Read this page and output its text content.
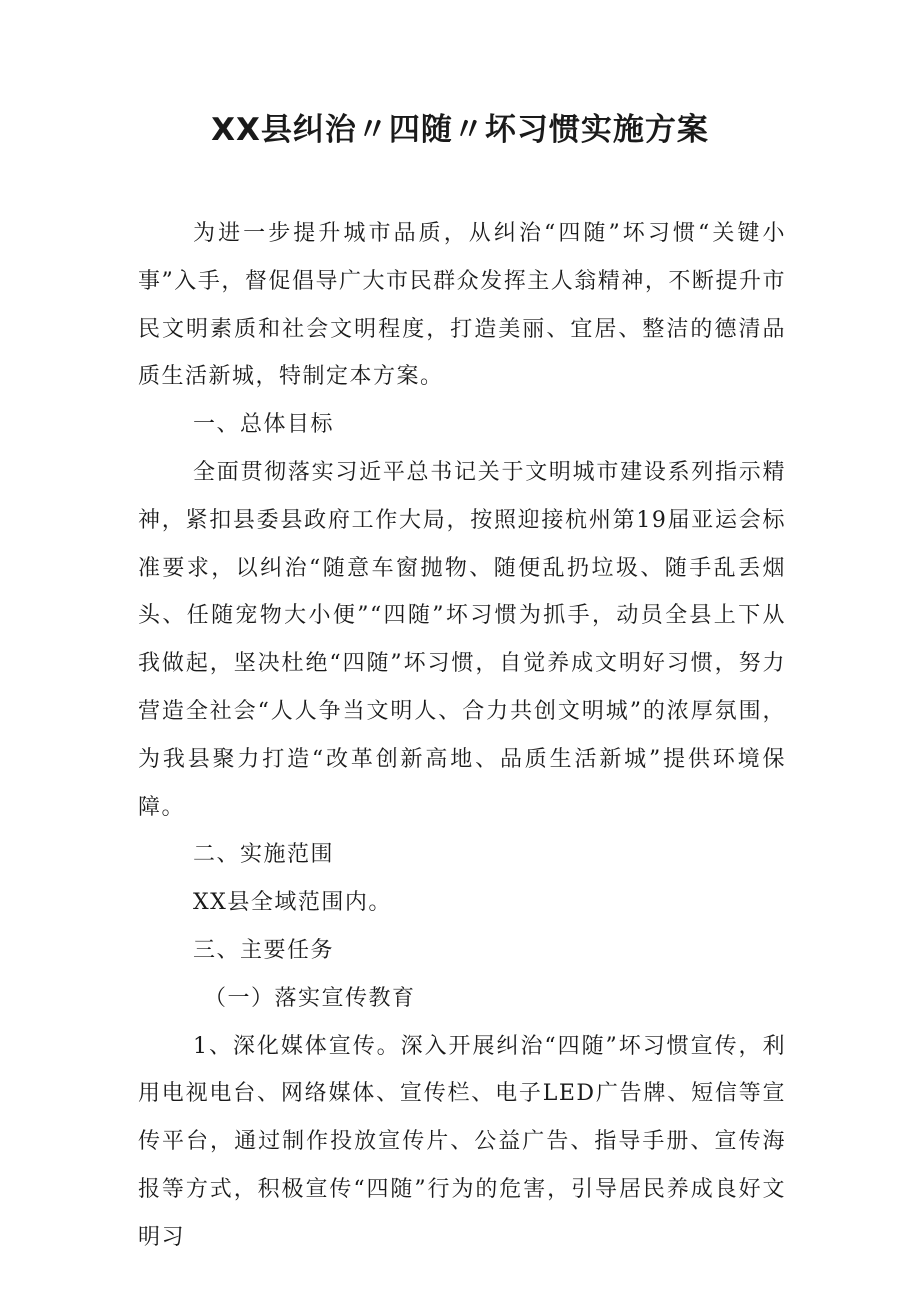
XX县纠治〃四随〃坏习惯实施方案

为进一步提升城市品质，从纠治“四随”坏习惯“关键小事”入手，督促倡导广大市民群众发挥主人翁精神，不断提升市民文明素质和社会文明程度，打造美丽、宜居、整洁的德清品质生活新城，特制定本方案。

一、总体目标

全面贯彻落实习近平总书记关于文明城市建设系列指示精神，紧扣县委县政府工作大局，按照迎接杭州第19届亚运会标准要求，以纠治“随意车窗抛物、随便乱扔垃圾、随手乱丢烟头、任随宠物大小便”“四随”坏习惯为抓手，动员全县上下从我做起，坚决杜绝“四随”坏习惯，自觉养成文明好习惯，努力营造全社会“人人争当文明人、合力共创文明城”的浓厚氛围，为我县聚力打造“改革创新高地、品质生活新城”提供环境保障。

二、实施范围

XX县全域范围内。

三、主要任务

（一）落实宣传教育

1、深化媒体宣传。深入开展纠治“四随”坏习惯宣传，利用电视电台、网络媒体、宣传栏、电子LED广告牌、短信等宣传平台，通过制作投放宣传片、公益广告、指导手册、宣传海报等方式，积极宣传“四随”行为的危害，引导居民养成良好文明习
